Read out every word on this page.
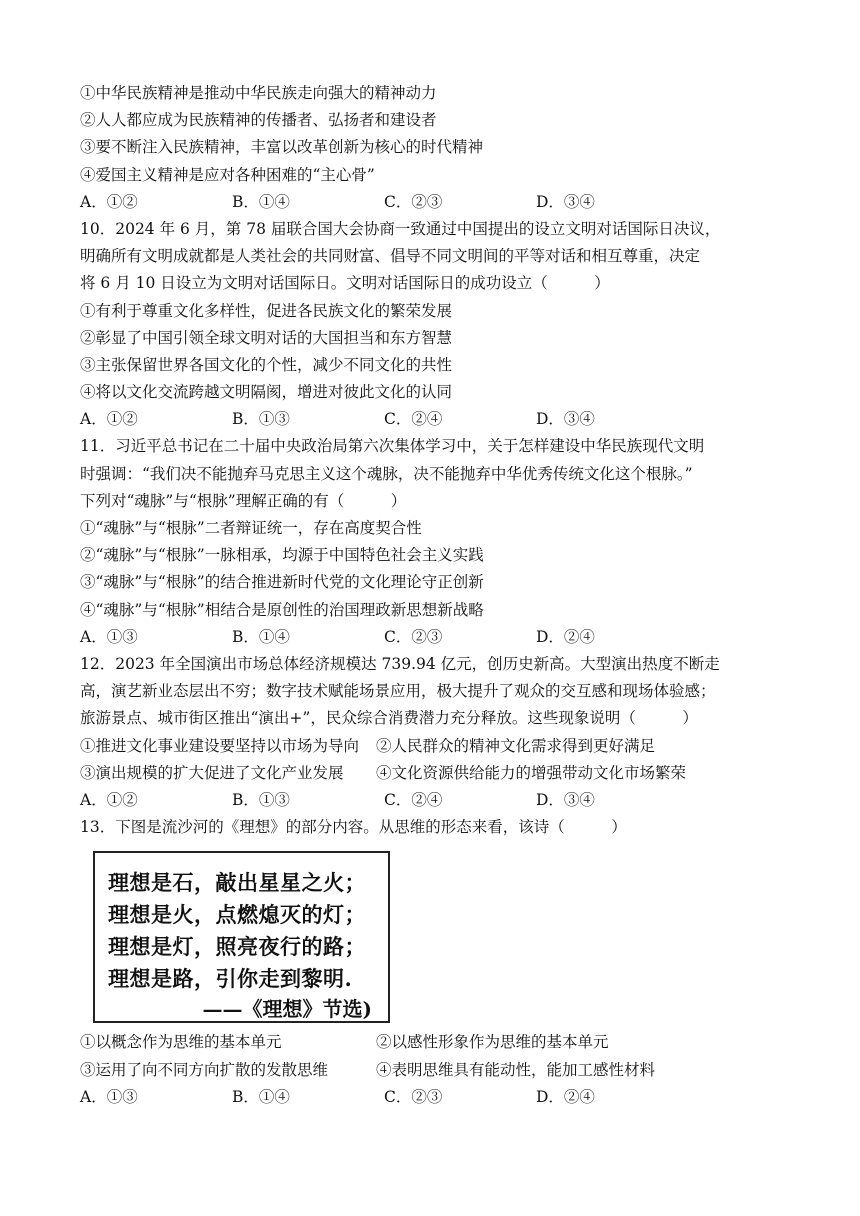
①中华民族精神是推动中华民族走向强大的精神动力
②人人都应成为民族精神的传播者、弘扬者和建设者
③要不断注入民族精神，丰富以改革创新为核心的时代精神
④爱国主义精神是应对各种困难的“主心骨”
A．①②	B．①④	C．②③	D．③④
10．2024 年 6 月，第 78 届联合国大会协商一致通过中国提出的设立文明对话国际日决议，
明确所有文明成就都是人类社会的共同财富、倡导不同文明间的平等对话和相互尊重，决定
将 6 月 10 日设立为文明对话国际日。文明对话国际日的成功设立（　　　）
①有利于尊重文化多样性，促进各民族文化的繁荣发展
②彰显了中国引领全球文明对话的大国担当和东方智慧
③主张保留世界各国文化的个性，减少不同文化的共性
④将以文化交流跨越文明隔阂，增进对彼此文化的认同
A．①②	B．①③	C．②④	D．③④
11．习近平总书记在二十届中央政治局第六次集体学习中，关于怎样建设中华民族现代文明
时强调：“我们决不能抛弃马克思主义这个魂脉，决不能抛弃中华优秀传统文化这个根脉。”
下列对“魂脉”与“根脉”理解正确的有（　　　）
①“魂脉”与“根脉”二者辩证统一，存在高度契合性
②“魂脉”与“根脉”一脉相承，均源于中国特色社会主义实践
③“魂脉”与“根脉”的结合推进新时代党的文化理论守正创新
④“魂脉”与“根脉”相结合是原创性的治国理政新思想新战略
A．①③	B．①④	C．②③	D．②④
12．2023 年全国演出市场总体经济规模达 739.94 亿元，创历史新高。大型演出热度不断走
高，演艺新业态层出不穷；数字技术赋能场景应用，极大提升了观众的交互感和现场体验感；
旅游景点、城市街区推出“演出+”，民众综合消费潜力充分释放。这些现象说明（　　　）
①推进文化事业建设要坚持以市场为导向	②人民群众的精神文化需求得到更好满足
③演出规模的扩大促进了文化产业发展	④文化资源供给能力的增强带动文化市场繁荣
A．①②	B．①③	C．②④	D．③④
13．下图是流沙河的《理想》的部分内容。从思维的形态来看，该诗（　　　）
理想是石，敲出星星之火；
理想是火，点燃熄灭的灯；
理想是灯，照亮夜行的路；
理想是路，引你走到黎明.
——《理想》节选)
①以概念作为思维的基本单元	②以感性形象作为思维的基本单元
③运用了向不同方向扩散的发散思维	④表明思维具有能动性，能加工感性材料
A．①③	B．①④	C．②③	D．②④
